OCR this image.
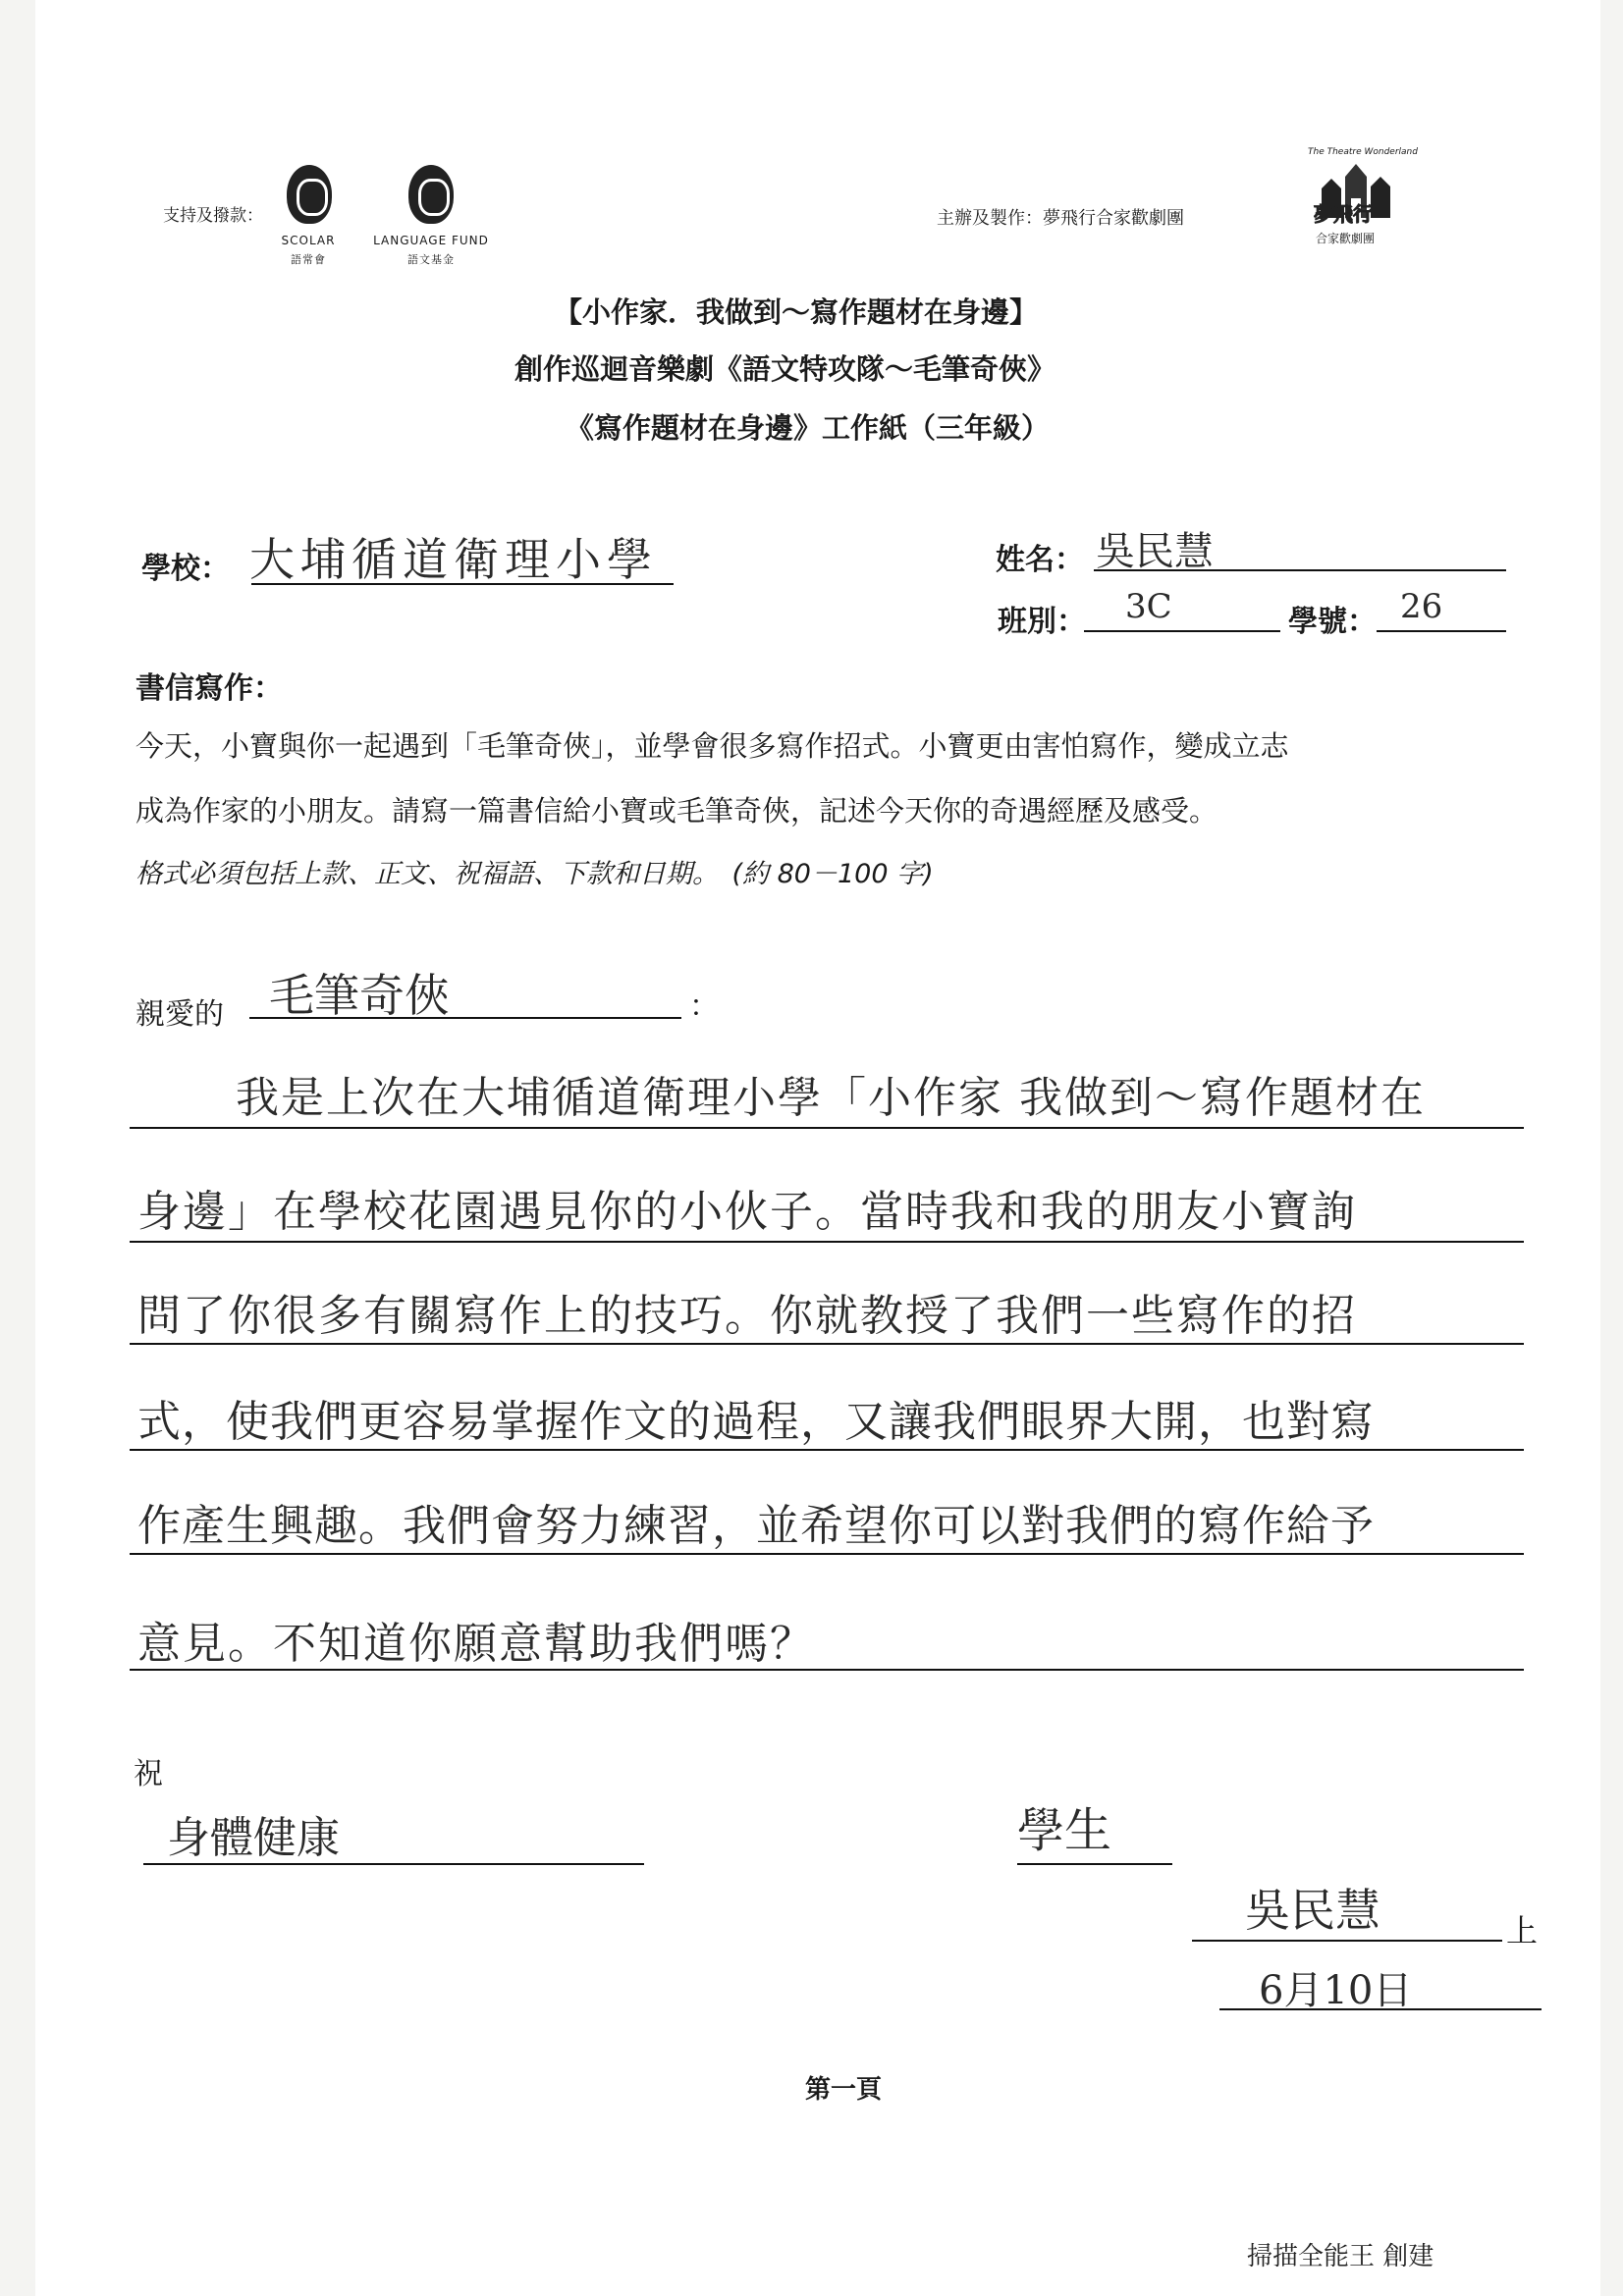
支持及撥款：
SCOLAR
語常會
LANGUAGE FUND
語文基金
主辦及製作：夢飛行合家歡劇團
The Theatre Wonderland
夢飛行
合家歡劇團
【小作家．我做到～寫作題材在身邊】
創作巡迴音樂劇《語文特攻隊～毛筆奇俠》
《寫作題材在身邊》工作紙（三年級）
學校： 大埔循道衛理小學	姓名： 吳民慧
班別： 3C	學號： 26
書信寫作：
今天，小寶與你一起遇到「毛筆奇俠」，並學會很多寫作招式。小寶更由害怕寫作，變成立志
成為作家的小朋友。請寫一篇書信給小寶或毛筆奇俠，記述今天你的奇遇經歷及感受。
格式必須包括上款、正文、祝福語、下款和日期。　(約 80－100 字)
親愛的 毛筆奇俠	：
我是上次在大埔循道衛理小學「小作家 我做到～寫作題材在
身邊」在學校花園遇見你的小伙子。當時我和我的朋友小寶詢
問了你很多有關寫作上的技巧。你就教授了我們一些寫作的招
式，使我們更容易掌握作文的過程，又讓我們眼界大開，也對寫
作產生興趣。我們會努力練習，並希望你可以對我們的寫作給予
意見。不知道你願意幫助我們嗎？
祝
身體健康	學生
吳民慧	上
6月10日
第一頁
掃描全能王 創建
